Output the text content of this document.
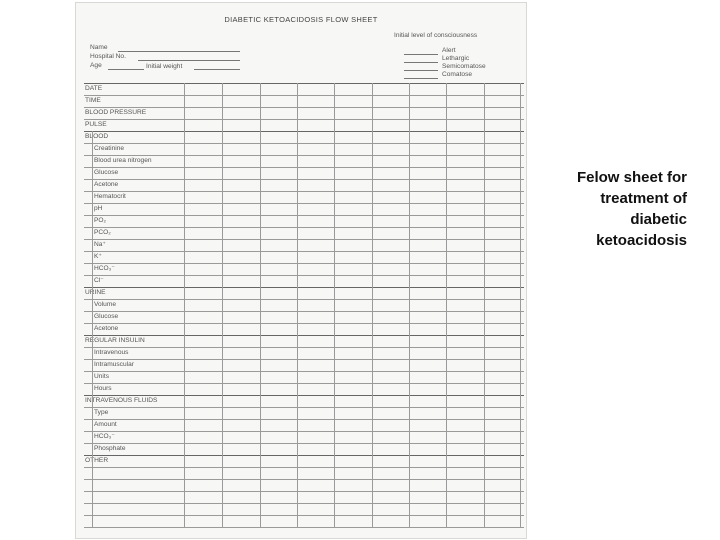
DIABETIC KETOACIDOSIS FLOW SHEET
Name
Hospital No.
Age	Initial weight
Initial level of consciousness
Alert
Lethargic
Semicomatose
Comatose
DATE
TIME
BLOOD PRESSURE
PULSE
BLOOD
Creatinine
Blood urea nitrogen
Glucose
Acetone
Hematocrit
pH
PO₂
PCO₂
Na⁺
K⁺
HCO₃⁻
Cl⁻
URINE
Volume
Glucose
Acetone
REGULAR INSULIN
Intravenous
Intramuscular
Units
Hours
INTRAVENOUS FLUIDS
Type
Amount
HCO₃⁻
Phosphate
OTHER
Felow sheet for treatment of diabetic ketoacidosis
